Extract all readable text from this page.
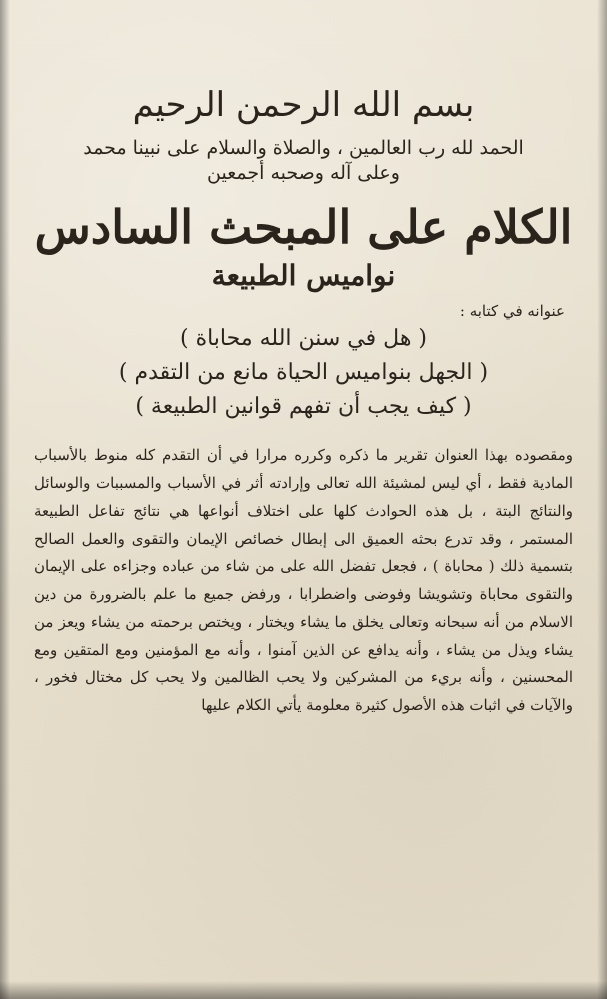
بسم الله الرحمن الرحيم

الحمد لله رب العالمين ، والصلاة والسلام على نبينا محمد

وعلى آله وصحبه أجمعين

الكلام على المبحث السادس
نواميس الطبيعة
عنوانه في كتابه :
( هل في سنن الله محاباة )
( الجهل بنواميس الحياة مانع من التقدم )
( كيف يجب أن تفهم قوانين الطبيعة )

ومقصوده بهذا العنوان تقرير ما ذكره وكرره مرارا في أن التقدم كله منوط بالأسباب المادية فقط ، أي ليس لمشيئة الله تعالى وإرادته أثر في الأسباب والمسببات والوسائل والنتائج البتة ، بل هذه الحوادث كلها على اختلاف أنواعها هي نتائج تفاعل الطبيعة المستمر ، وقد تدرع بحثه العميق الى إبطال خصائص الإيمان والتقوى والعمل الصالح بتسمية ذلك ( محاباة ) ، فجعل تفضل الله على من شاء من عباده وجزاءه على الإيمان والتقوى محاباة وتشويشا وفوضى واضطرابا ، ورفض جميع ما علم بالضرورة من دين الاسلام من أنه سبحانه وتعالى يخلق ما يشاء ويختار ، ويختص برحمته من يشاء ويعز من يشاء ويذل من يشاء ، وأنه يدافع عن الذين آمنوا ، وأنه مع المؤمنين ومع المتقين ومع المحسنين ، وأنه بريء من المشركين ولا يحب الظالمين ولا يحب كل مختال فخور ، والآيات في اثبات هذه الأصول كثيرة معلومة يأتي الكلام عليها
